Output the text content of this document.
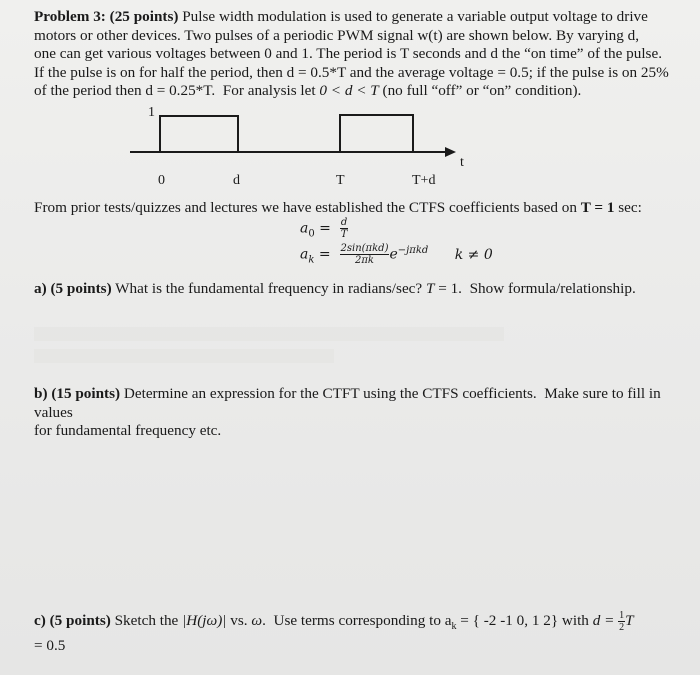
Problem 3: (25 points) Pulse width modulation is used to generate a variable output voltage to drive
motors or other devices. Two pulses of a periodic PWM signal w(t) are shown below. By varying d,
one can get various voltages between 0 and 1. The period is T seconds and d the “on time” of the pulse.
If the pulse is on for half the period, then d = 0.5*T and the average voltage = 0.5; if the pulse is on 25%
of the period then d = 0.25*T.  For analysis let 0 < d < T (no full “off” or “on” condition).
1
t
0	d	T	T+d
From prior tests/quizzes and lectures we have established the CTFS coefficients based on T = 1 sec:
$a_0 = \frac{d}{T}$
$a_k = \frac{\text{2sin(πkd)}}{2\pi k} e^{-j\pi kd}$ k ≠ 0
a) (5 points) What is the fundamental frequency in radians/sec? T = 1.  Show formula/relationship.
b) (15 points) Determine an expression for the CTFT using the CTFS coefficients.  Make sure to fill in values
for fundamental frequency etc.
c) (5 points) Sketch the |H(jω)| vs. ω.  Use terms corresponding to $a_k$ = { -2 -1 0, 1 2} with $d = \frac{1}{2}$ T
= 0.5
